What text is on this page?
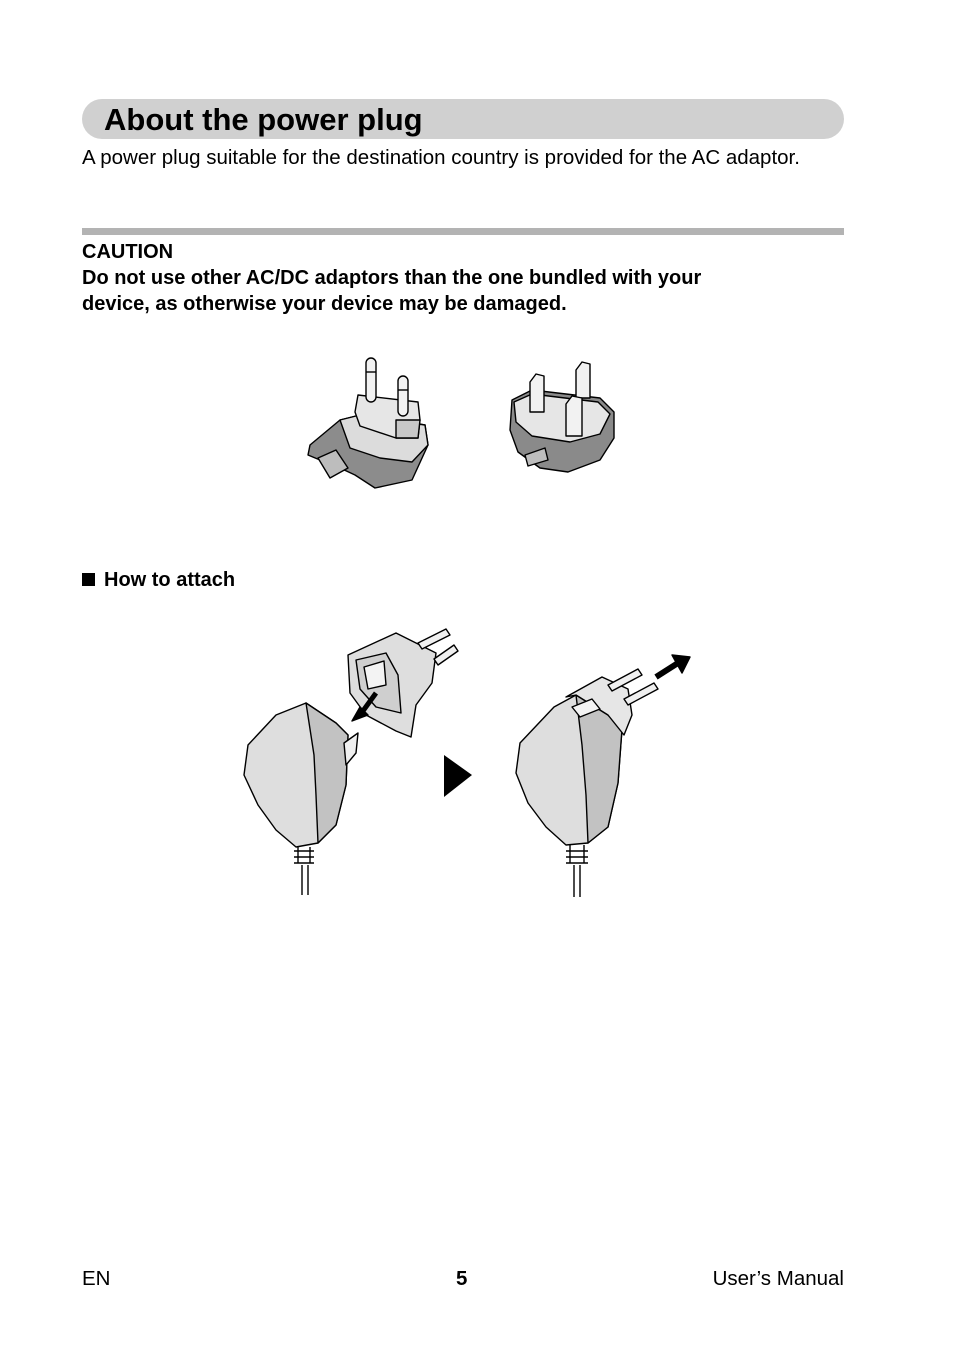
About the power plug
A power plug suitable for the destination country is provided for the AC adaptor.
CAUTION
Do not use other AC/DC adaptors than the one bundled with your
device, as otherwise your device may be damaged.
How to attach
EN	5	User’s Manual
